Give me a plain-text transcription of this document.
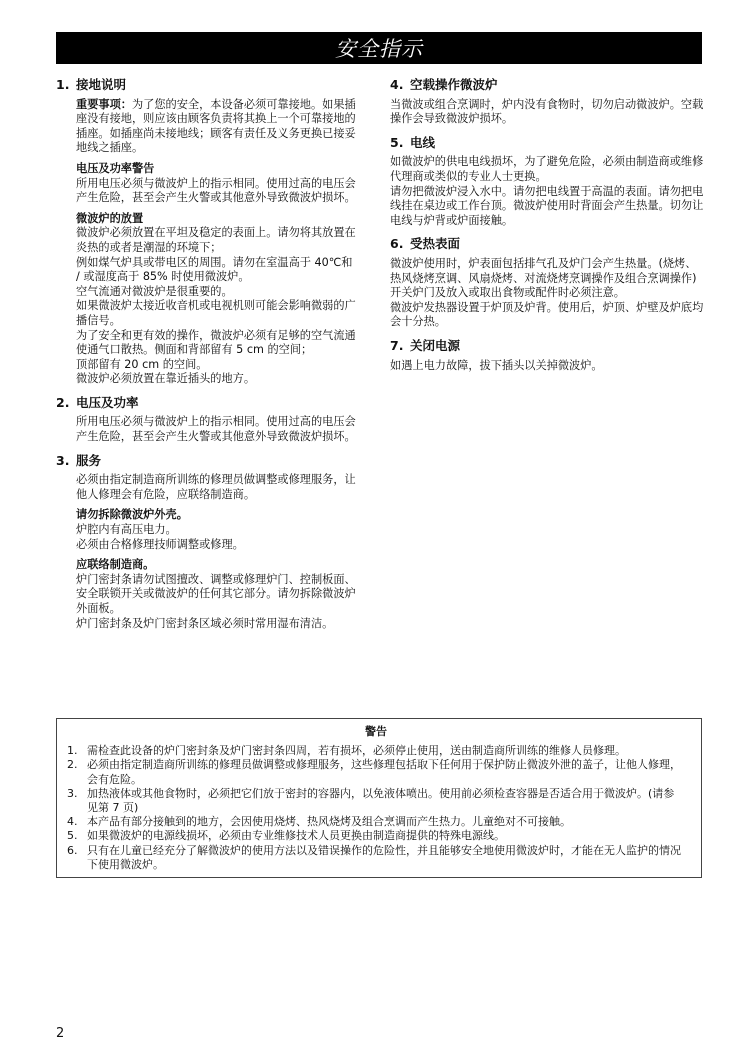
安全指示
1. 接地说明
重要事项：为了您的安全，本设备必须可靠接地。如果插座没有接地，则应该由顾客负责将其换上一个可靠接地的插座。如插座尚未接地线；顾客有责任及义务更换已接妥地线之插座。
电压及功率警告
所用电压必须与微波炉上的指示相同。使用过高的电压会产生危险，甚至会产生火警或其他意外导致微波炉损坏。
微波炉的放置
微波炉必须放置在平坦及稳定的表面上。请勿将其放置在炎热的或者是潮湿的环境下；
例如煤气炉具或带电区的周围。请勿在室温高于 40℃和 / 或湿度高于 85% 时使用微波炉。
空气流通对微波炉是很重要的。
如果微波炉太接近收音机或电视机则可能会影响微弱的广播信号。
为了安全和更有效的操作，微波炉必须有足够的空气流通使通气口散热。侧面和背部留有 5 cm 的空间；
顶部留有 20 cm 的空间。
微波炉必须放置在靠近插头的地方。
2. 电压及功率
所用电压必须与微波炉上的指示相同。使用过高的电压会产生危险，甚至会产生火警或其他意外导致微波炉损坏。
3. 服务
必须由指定制造商所训练的修理员做调整或修理服务，让他人修理会有危险，应联络制造商。
请勿拆除微波炉外壳。
炉腔内有高压电力。
必须由合格修理技师调整或修理。
应联络制造商。
炉门密封条请勿试图擅改、调整或修理炉门、控制板面、安全联锁开关或微波炉的任何其它部分。请勿拆除微波炉外面板。
炉门密封条及炉门密封条区域必须时常用湿布清洁。
4. 空载操作微波炉
当微波或组合烹调时，炉内没有食物时，切勿启动微波炉。空载操作会导致微波炉损坏。
5. 电线
如微波炉的供电电线损坏，为了避免危险，必须由制造商或维修代理商或类似的专业人士更换。
请勿把微波炉浸入水中。请勿把电线置于高温的表面。请勿把电线挂在桌边或工作台顶。微波炉使用时背面会产生热量。切勿让电线与炉背或炉面接触。
6. 受热表面
微波炉使用时，炉表面包括排气孔及炉门会产生热量。(烧烤、热风烧烤烹调、风扇烧烤、对流烧烤烹调操作及组合烹调操作) 开关炉门及放入或取出食物或配件时必须注意。
微波炉发热器设置于炉顶及炉背。使用后，炉顶、炉壁及炉底均会十分热。
7. 关闭电源
如遇上电力故障，拔下插头以关掉微波炉。
警告
1. 需检查此设备的炉门密封条及炉门密封条四周，若有损坏，必须停止使用，送由制造商所训练的维修人员修理。
2. 必须由指定制造商所训练的修理员做调整或修理服务，这些修理包括取下任何用于保护防止微波外泄的盖子，让他人修理，会有危险。
3. 加热液体或其他食物时，必须把它们放于密封的容器内，以免液体喷出。使用前必须检查容器是否适合用于微波炉。(请参见第 7 页)
4. 本产品有部分接触到的地方，会因使用烧烤、热风烧烤及组合烹调而产生热力。儿童绝对不可接触。
5. 如果微波炉的电源线损坏，必须由专业维修技术人员更换由制造商提供的特殊电源线。
6. 只有在儿童已经充分了解微波炉的使用方法以及错误操作的危险性，并且能够安全地使用微波炉时，才能在无人监护的情况下使用微波炉。
2
